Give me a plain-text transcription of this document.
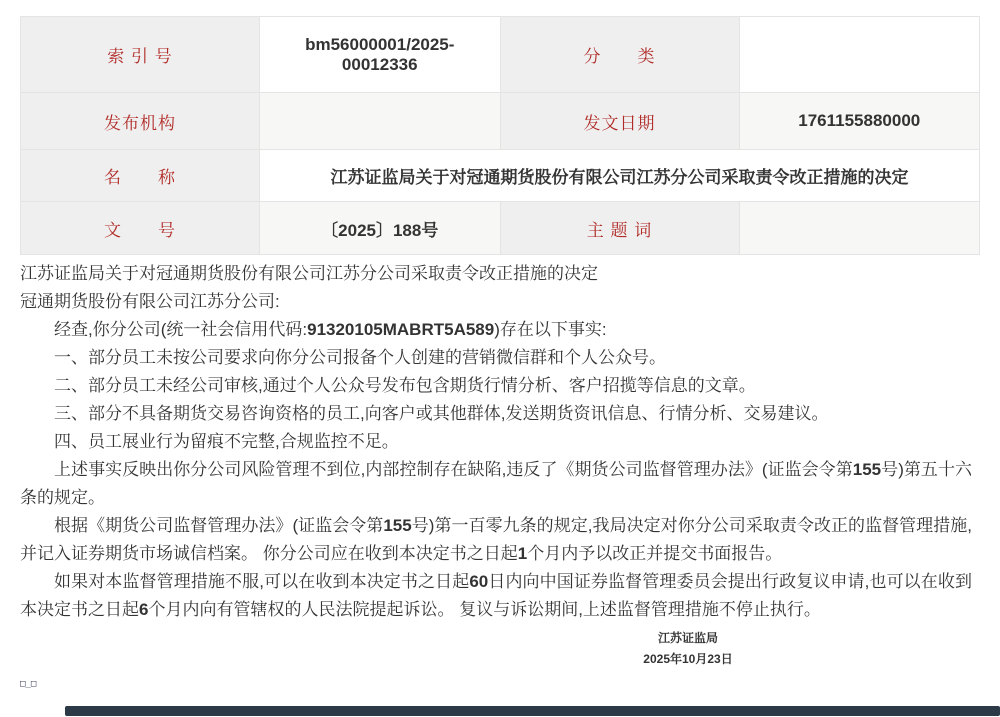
索 引 号	bm56000001/2025-00012336	分　　类	
发布机构		发文日期	1761155880000
名　　称	江苏证监局关于对冠通期货股份有限公司江苏分公司采取责令改正措施的决定		
文　　号	〔2025〕188号	主 题 词	

江苏证监局关于对冠通期货股份有限公司江苏分公司采取责令改正措施的决定

冠通期货股份有限公司江苏分公司:

经查,你分公司(统一社会信用代码:91320105MABRT5A589)存在以下事实:

一、部分员工未按公司要求向你分公司报备个人创建的营销微信群和个人公众号。

二、部分员工未经公司审核,通过个人公众号发布包含期货行情分析、客户招揽等信息的文章。

三、部分不具备期货交易咨询资格的员工,向客户或其他群体,发送期货资讯信息、行情分析、交易建议。

四、员工展业行为留痕不完整,合规监控不足。

上述事实反映出你分公司风险管理不到位,内部控制存在缺陷,违反了《期货公司监督管理办法》(证监会令第155号)第五十六条的规定。

根据《期货公司监督管理办法》(证监会令第155号)第一百零九条的规定,我局决定对你分公司采取责令改正的监督管理措施,并记入证券期货市场诚信档案。 你分公司应在收到本决定书之日起1个月内予以改正并提交书面报告。

如果对本监督管理措施不服,可以在收到本决定书之日起60日内向中国证券监督管理委员会提出行政复议申请,也可以在收到本决定书之日起6个月内向有管辖权的人民法院提起诉讼。 复议与诉讼期间,上述监督管理措施不停止执行。

江苏证监局
2025年10月23日
□_□
